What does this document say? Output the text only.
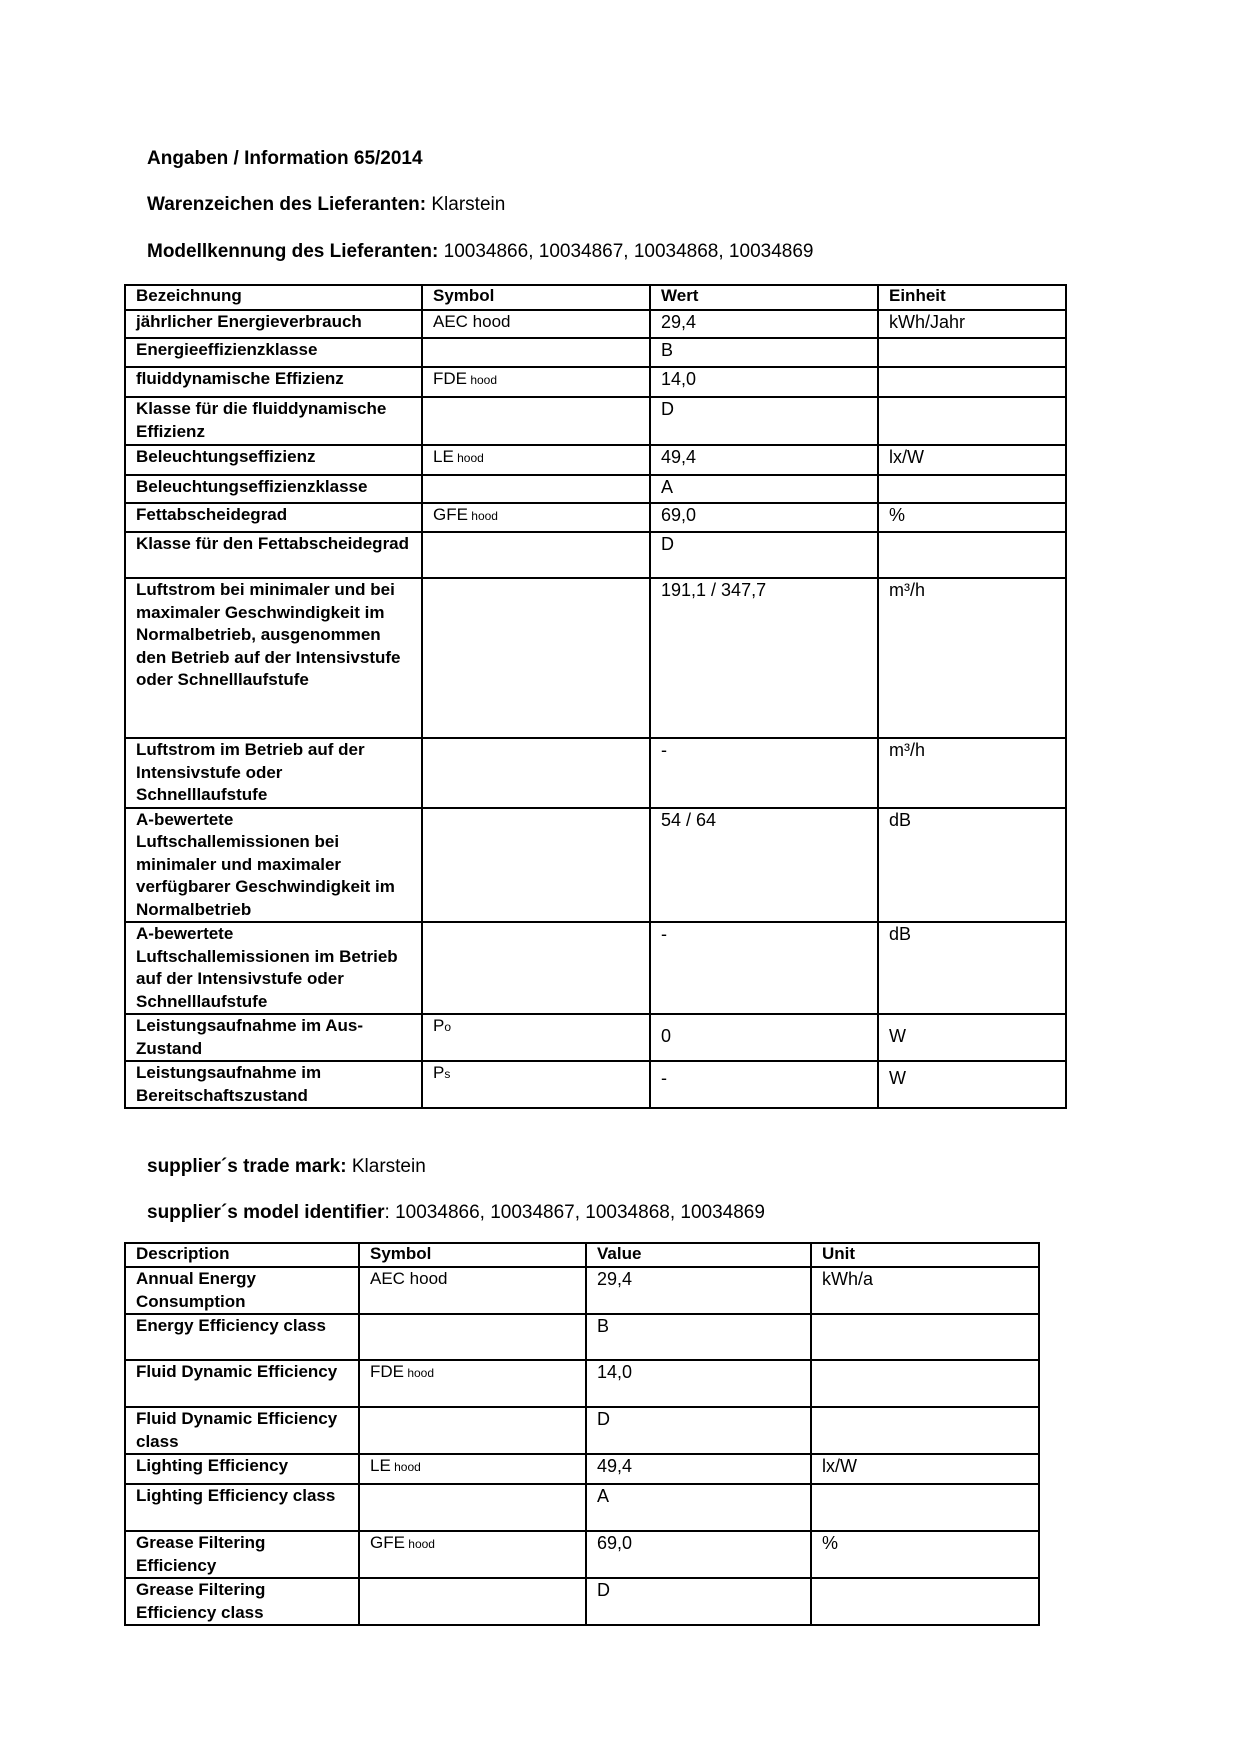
Angaben / Information 65/2014
Warenzeichen des Lieferanten: Klarstein
Modellkennung des Lieferanten: 10034866, 10034867, 10034868, 10034869
Bezeichnung	Symbol	Wert	Einheit
jährlicher Energieverbrauch	AEC hood	29,4	kWh/Jahr
Energieeffizienzklasse		B	
fluiddynamische Effizienz	FDE hood	14,0	
Klasse für die fluiddynamische Effizienz		D	
Beleuchtungseffizienz	LE hood	49,4	lx/W
Beleuchtungseffizienzklasse		A	
Fettabscheidegrad	GFE hood	69,0	%
Klasse für den Fettabscheidegrad		D	
Luftstrom bei minimaler und bei maximaler Geschwindigkeit im Normalbetrieb, ausgenommen den Betrieb auf der Intensivstufe oder Schnelllaufstufe		191,1 / 347,7	m³/h
Luftstrom im Betrieb auf der Intensivstufe oder Schnelllaufstufe		-	m³/h
A-bewertete Luftschallemissionen bei minimaler und maximaler verfügbarer Geschwindigkeit im Normalbetrieb		54 / 64	dB
A-bewertete Luftschallemissionen im Betrieb auf der Intensivstufe oder Schnelllaufstufe		-	dB
Leistungsaufnahme im Aus-Zustand	Po	0	W
Leistungsaufnahme im Bereitschaftszustand	Ps	-	W
supplier´s trade mark: Klarstein
supplier´s model identifier: 10034866, 10034867, 10034868, 10034869
Description	Symbol	Value	Unit
Annual Energy Consumption	AEC hood	29,4	kWh/a
Energy Efficiency class		B	
Fluid Dynamic Efficiency	FDE hood	14,0	
Fluid Dynamic Efficiency class		D	
Lighting Efficiency	LE hood	49,4	lx/W
Lighting Efficiency class		A	
Grease Filtering Efficiency	GFE hood	69,0	%
Grease Filtering Efficiency class		D	
